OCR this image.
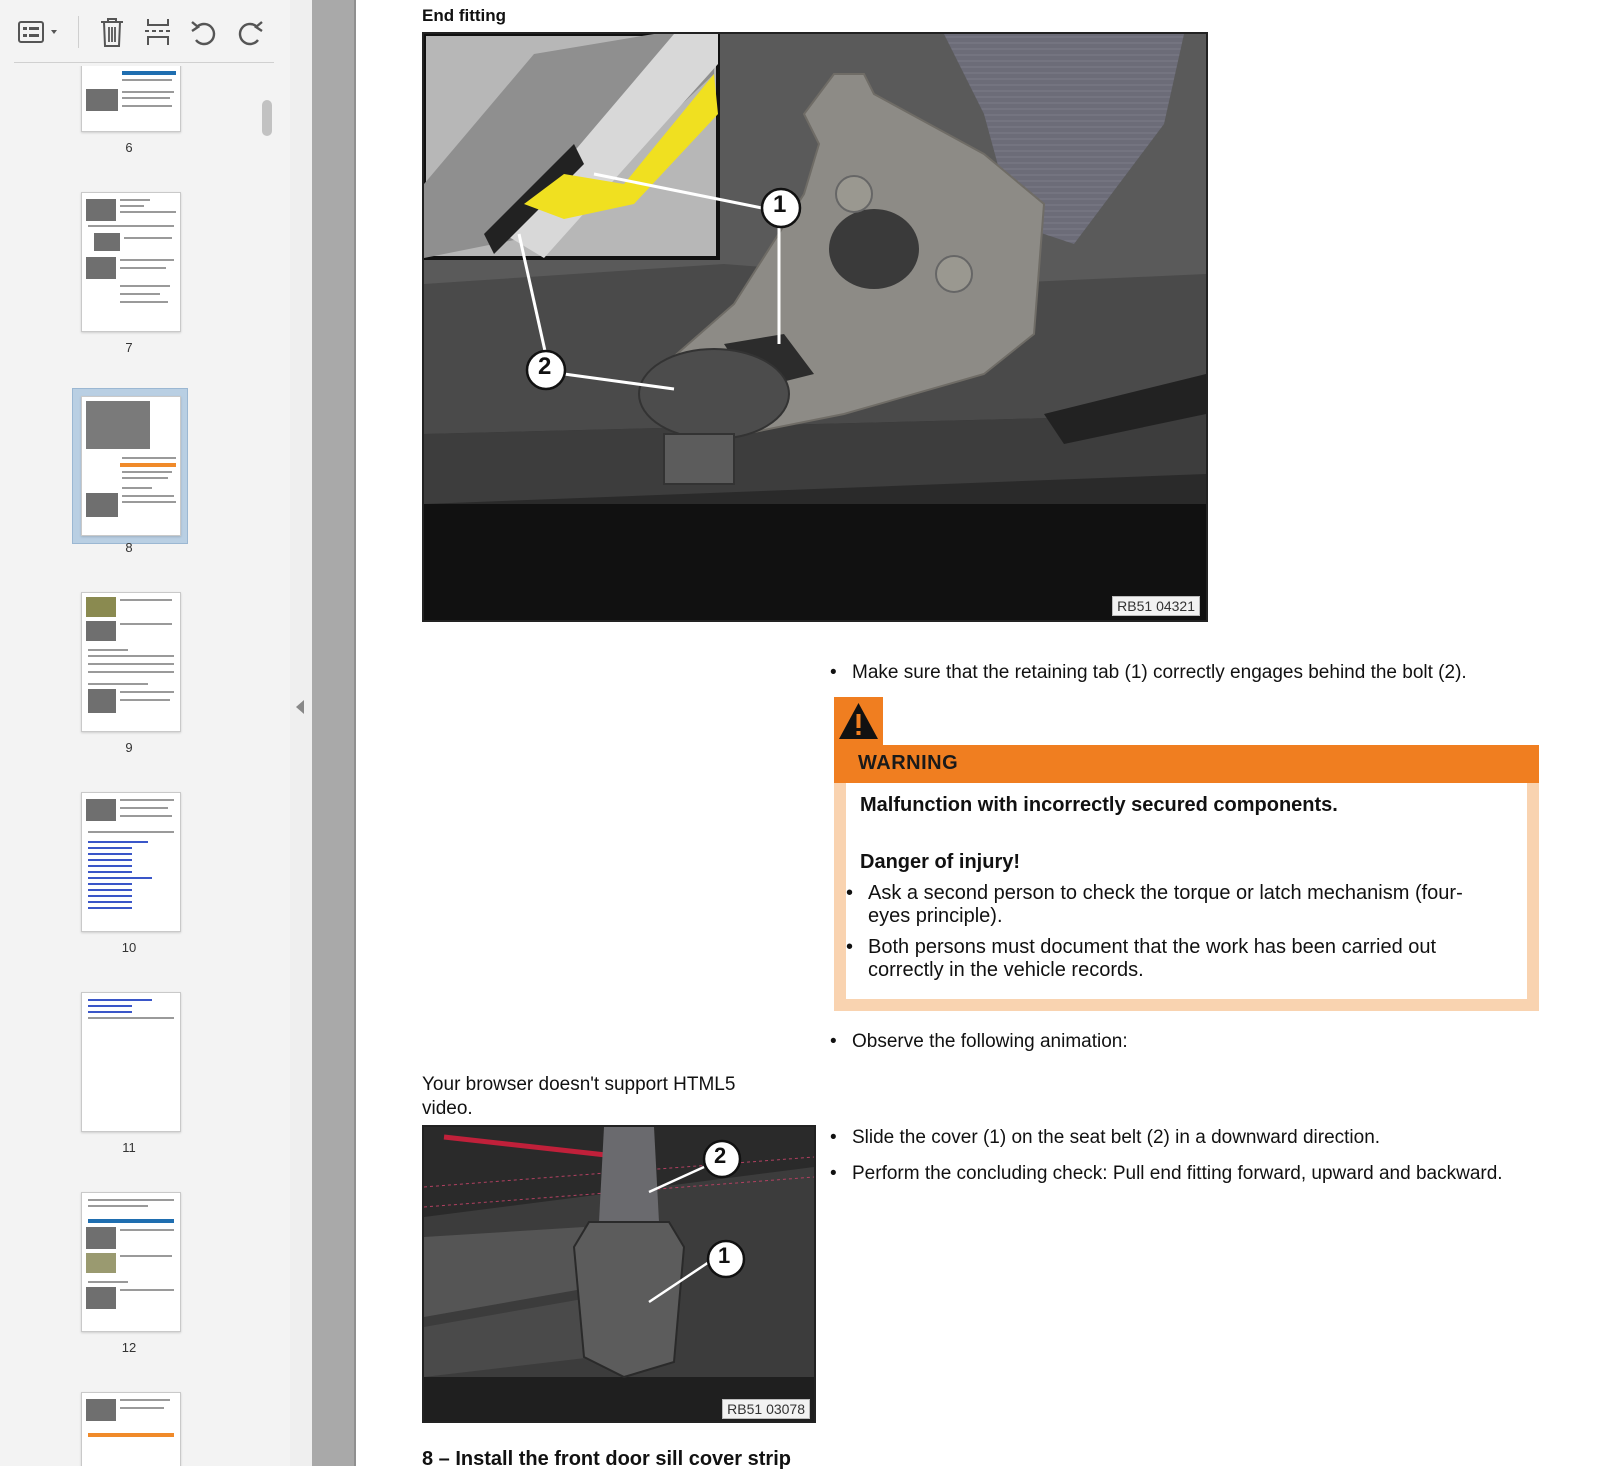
6
7
8
9
10
11
12
End fitting
1
2
RB51 04321
• Make sure that the retaining tab (1) correctly engages behind the bolt (2).
WARNING
Malfunction with incorrectly secured components.
Danger of injury!
• Ask a second person to check the torque or latch mechanism (four-eyes principle).
• Both persons must document that the work has been carried out correctly in the vehicle records.
• Observe the following animation:
Your browser doesn't support HTML5 video.
2
1
RB51 03078
• Slide the cover (1) on the seat belt (2) in a downward direction.
• Perform the concluding check: Pull end fitting forward, upward and backward.
8 – Install the front door sill cover strip
